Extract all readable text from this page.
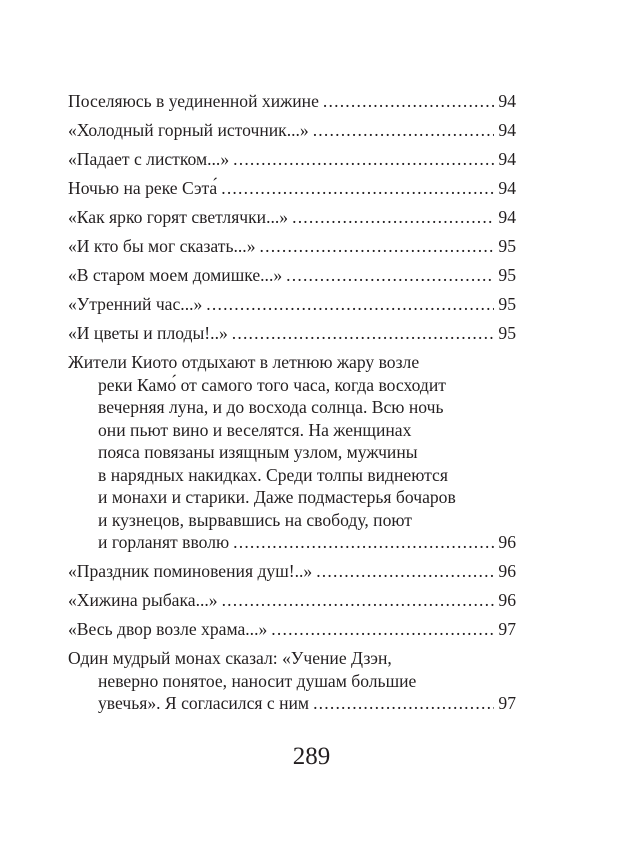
Поселяюсь в уединенной хижине . . .	94
«Холодный горный источник...» . . .	94
«Падает с листком...» . . .	94
Ночью на реке Сэта́ . . .	94
«Как ярко горят светлячки...» . . .	94
«И кто бы мог сказать...» . . .	95
«В старом моем домишке...» . . .	95
«Утренний час...» . . .	95
«И цветы и плоды!..» . . .	95
Жители Киото отдыхают в летнюю жару возле
реки Камо́ от самого того часа, когда восходит
вечерняя луна, и до восхода солнца. Всю ночь
они пьют вино и веселятся. На женщинах
пояса повязаны изящным узлом, мужчины
в нарядных накидках. Среди толпы виднеются
и монахи и старики. Даже подмастерья бочаров
и кузнецов, вырвавшись на свободу, поют
и горланят вволю . . .	96
«Праздник поминовения душ!..» . . .	96
«Хижина рыбака...» . . .	96
«Весь двор возле храма...» . . .	97
Один мудрый монах сказал: «Учение Дзэн,
неверно понятое, наносит душам большие
увечья». Я согласился с ним . . .	97
289
